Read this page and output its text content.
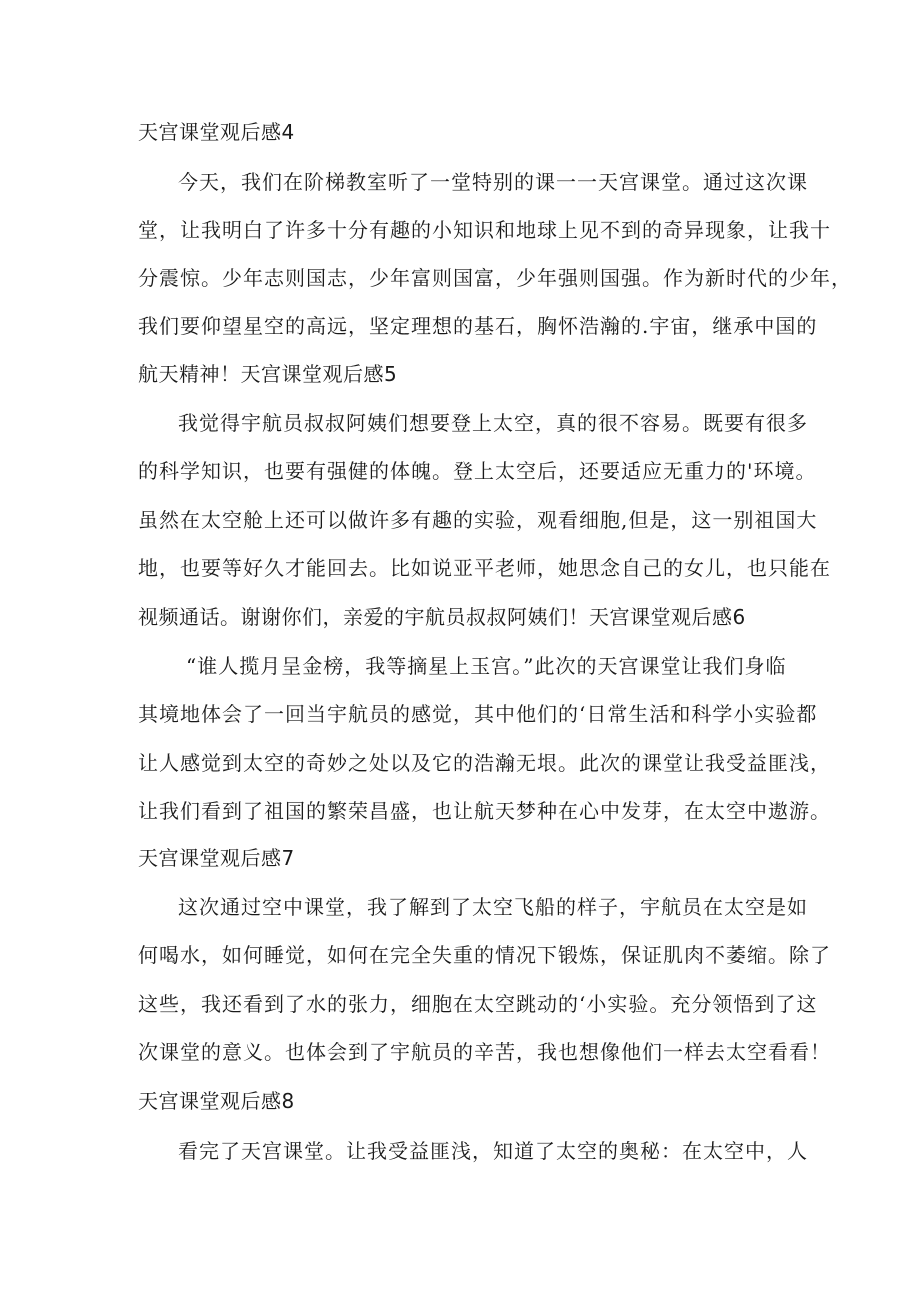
天宫课堂观后感4
今天，我们在阶梯教室听了一堂特别的课一一天宫课堂。通过这次课
堂，让我明白了许多十分有趣的小知识和地球上见不到的奇异现象，让我十
分震惊。少年志则国志，少年富则国富，少年强则国强。作为新时代的少年，
我们要仰望星空的高远，坚定理想的基石，胸怀浩瀚的.宇宙，继承中国的
航天精神！天宫课堂观后感5
我觉得宇航员叔叔阿姨们想要登上太空，真的很不容易。既要有很多
的科学知识，也要有强健的体魄。登上太空后，还要适应无重力的'环境。
虽然在太空舱上还可以做许多有趣的实验，观看细胞,但是，这一别祖国大
地，也要等好久才能回去。比如说亚平老师，她思念自己的女儿，也只能在
视频通话。谢谢你们，亲爱的宇航员叔叔阿姨们！天宫课堂观后感6
“谁人揽月呈金榜，我等摘星上玉宫。”此次的天宫课堂让我们身临
其境地体会了一回当宇航员的感觉，其中他们的‘日常生活和科学小实验都
让人感觉到太空的奇妙之处以及它的浩瀚无垠。此次的课堂让我受益匪浅，
让我们看到了祖国的繁荣昌盛，也让航天梦种在心中发芽，在太空中遨游。
天宫课堂观后感7
这次通过空中课堂，我了解到了太空飞船的样子，宇航员在太空是如
何喝水，如何睡觉，如何在完全失重的情况下锻炼，保证肌肉不萎缩。除了
这些，我还看到了水的张力，细胞在太空跳动的‘小实验。充分领悟到了这
次课堂的意义。也体会到了宇航员的辛苦，我也想像他们一样去太空看看！
天宫课堂观后感8
看完了天宫课堂。让我受益匪浅，知道了太空的奥秘：在太空中，人
